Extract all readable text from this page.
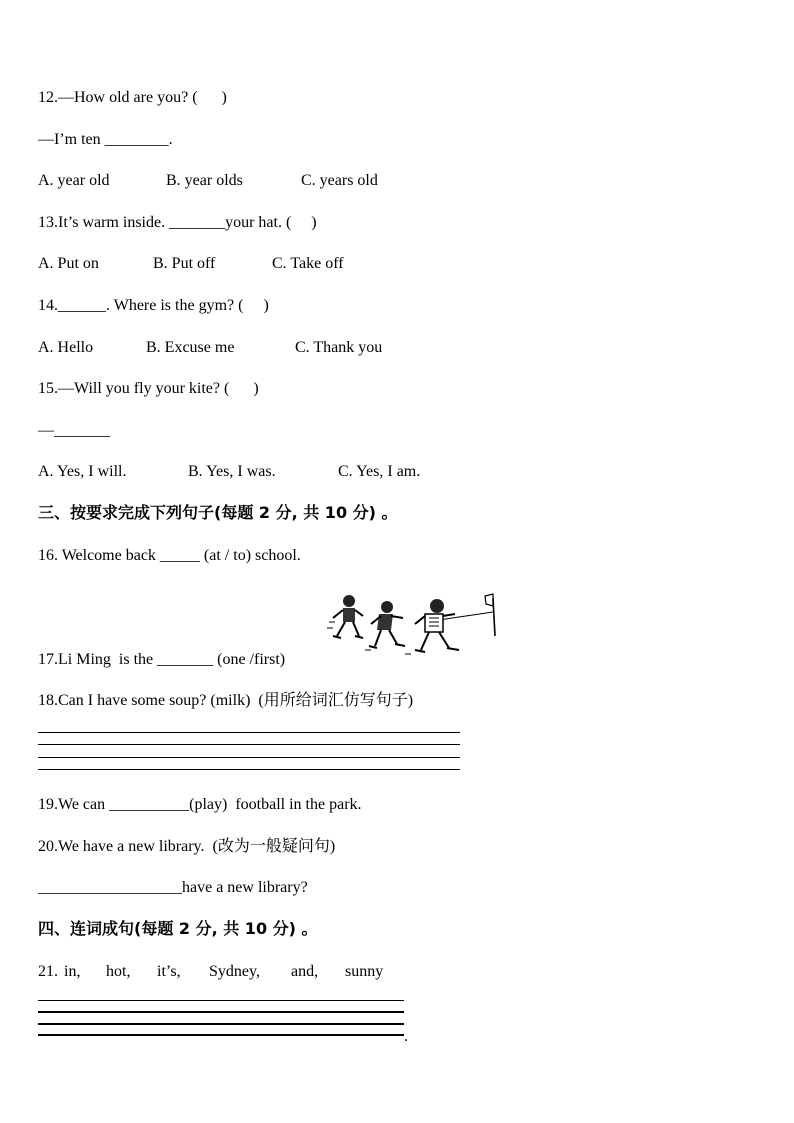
12.—How old are you? (      )
—I’m ten ________.
A. year old	B. year olds	C. years old
13.It’s warm inside. _______your hat. (     )
A. Put on	B. Put off	C. Take off
14.______. Where is the gym? (     )
A. Hello	B. Excuse me	C. Thank you
15.—Will you fly your kite? (      )
—_______
A. Yes, I will.	B. Yes, I was.	C. Yes, I am.
三、按要求完成下列句子(每题 2 分, 共 10 分) 。
16. Welcome back _____ (at / to) school.
17.Li Ming  is the _______ (one /first)
18.Can I have some soup? (milk)  (用所给词汇仿写句子)
19.We can __________(play)  football in the park.
20.We have a new library.  (改为一般疑问句)
__________________have a new library?
四、连词成句(每题 2 分, 共 10 分) 。
21. in, hot, it’s, Sydney, and, sunny
.
